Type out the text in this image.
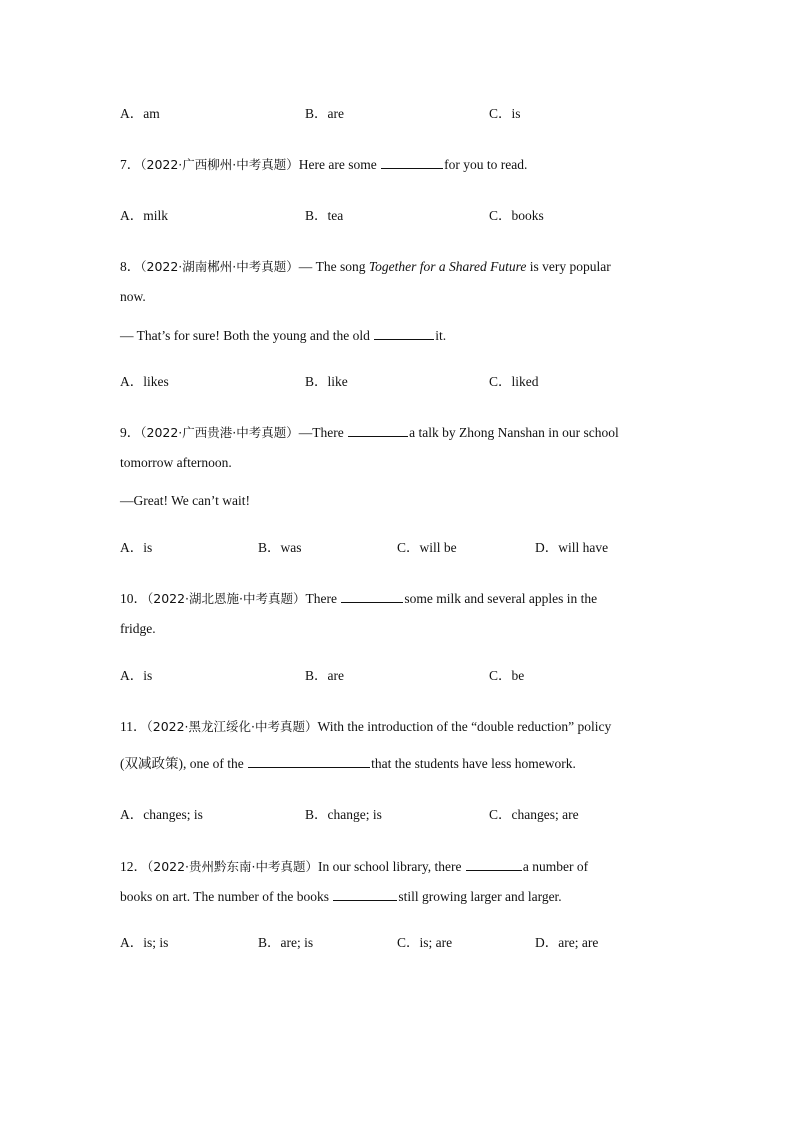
A．am	B．are	C．is
7．（2022·广西柳州·中考真题）Here are some	for you to read.
A．milk	B．tea	C．books
8．（2022·湖南郴州·中考真题）— The song Together for a Shared Future is very popular
now.
— That’s for sure! Both the young and the old	it.
A．likes	B．like	C．liked
9．（2022·广西贵港·中考真题）—There	a talk by Zhong Nanshan in our school
tomorrow afternoon.
—Great! We can’t wait!
A．is	B．was	C．will be	D．will have
10．（2022·湖北恩施·中考真题）There	some milk and several apples in the
fridge.
A．is	B．are	C．be
11．（2022·黑龙江绥化·中考真题）With the introduction of the “double reduction” policy
(双减政策), one of the	that the students have less homework.
A．changes; is	B．change; is	C．changes; are
12．（2022·贵州黔东南·中考真题）In our school library, there	a number of
books on art. The number of the books	still growing larger and larger.
A．is; is	B．are; is	C．is; are	D．are; are
